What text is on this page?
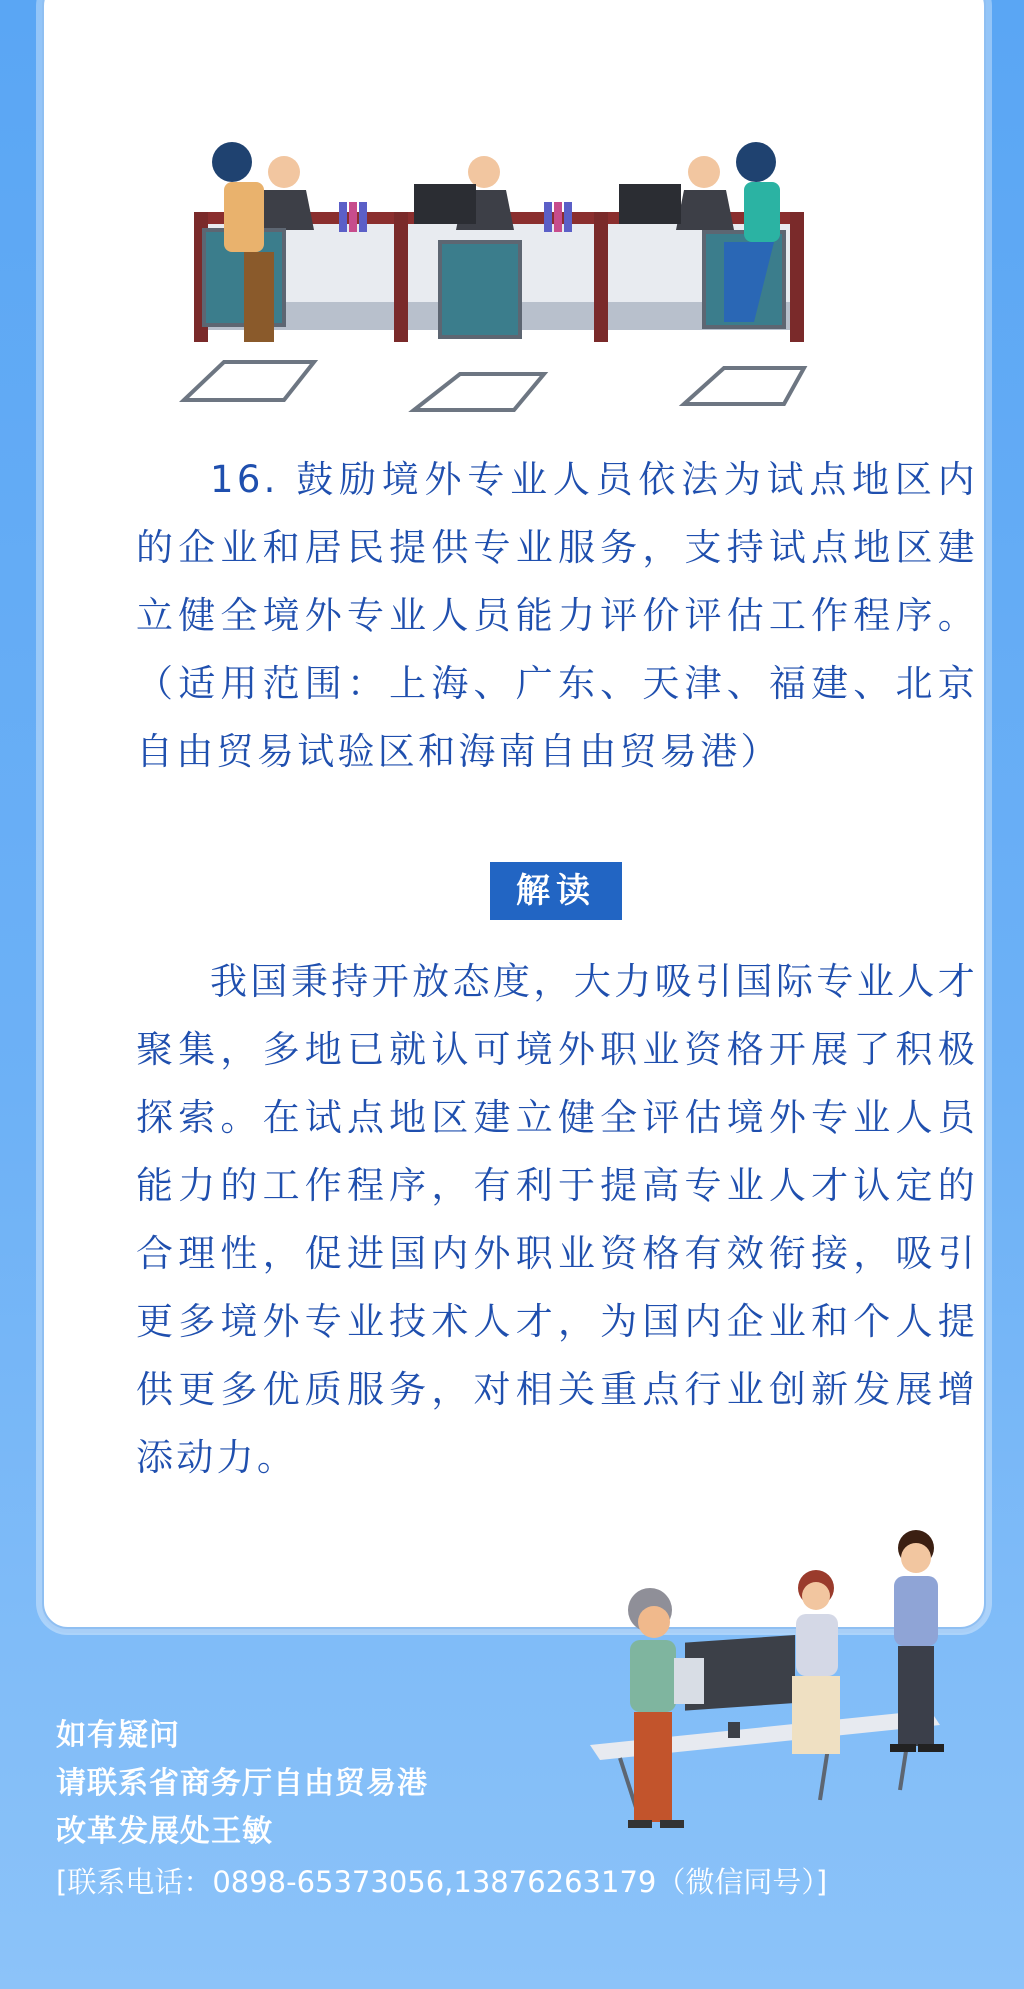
16. 鼓励境外专业人员依法为试点地区内的企业和居民提供专业服务，支持试点地区建立健全境外专业人员能力评价评估工作程序。（适用范围：上海、广东、天津、福建、北京自由贸易试验区和海南自由贸易港）

解读

我国秉持开放态度，大力吸引国际专业人才聚集，多地已就认可境外职业资格开展了积极探索。在试点地区建立健全评估境外专业人员能力的工作程序，有利于提高专业人才认定的合理性，促进国内外职业资格有效衔接，吸引更多境外专业技术人才，为国内企业和个人提供更多优质服务，对相关重点行业创新发展增添动力。

如有疑问
请联系省商务厅自由贸易港
改革发展处王敏
[联系电话：0898-65373056,13876263179（微信同号）]
